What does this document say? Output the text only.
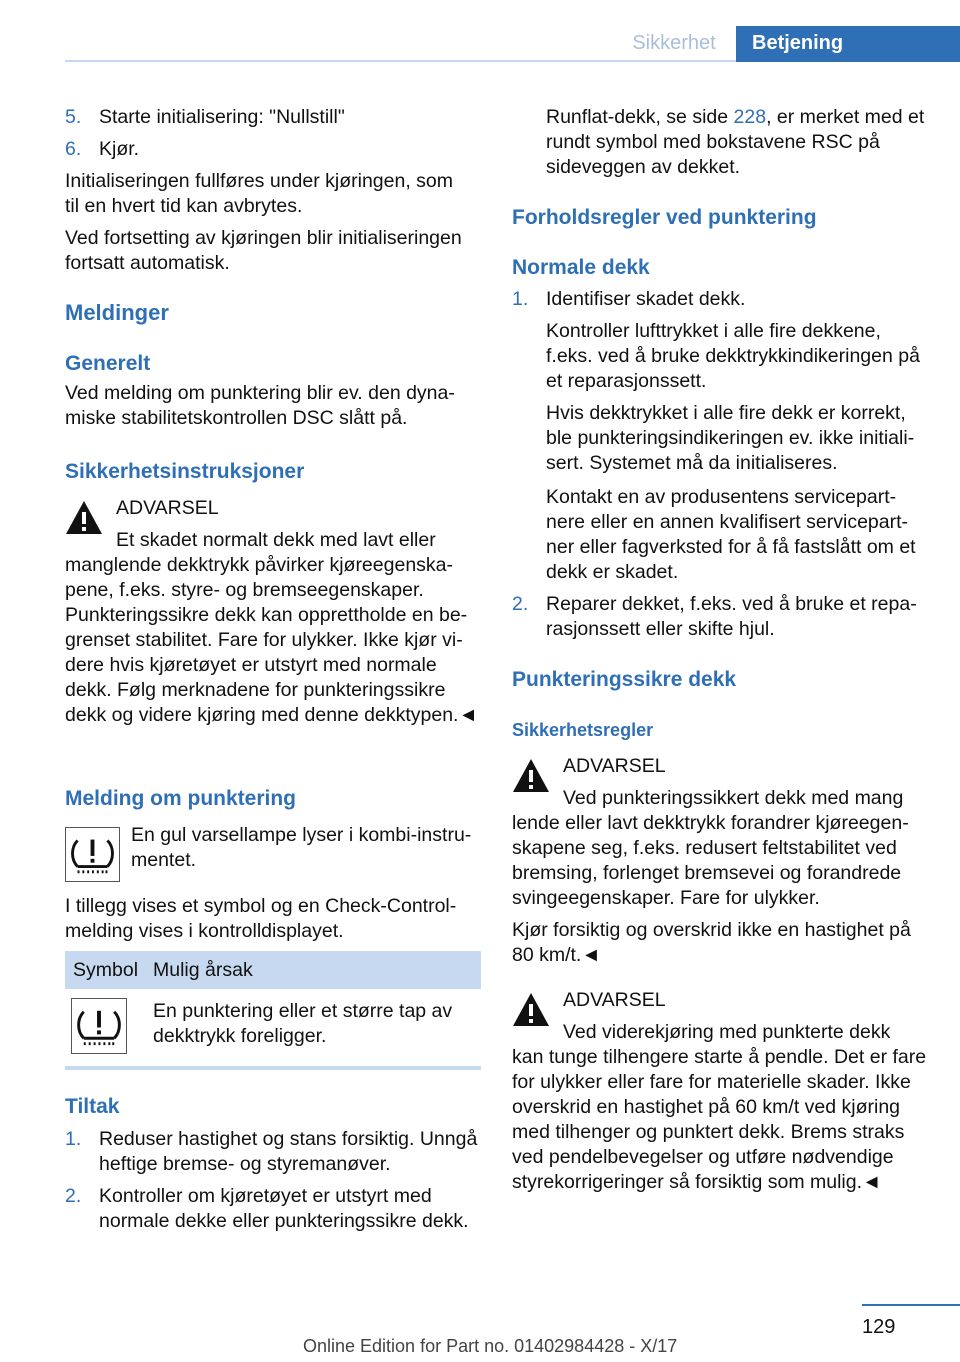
Sikkerhet	Betjening
5. Starte initialisering: "Nullstill"
6. Kjør.

Initialiseringen fullføres under kjøringen, som til en hvert tid kan avbrytes.

Ved fortsetting av kjøringen blir initialiseringen fortsatt automatisk.

Meldinger
Generelt

Ved melding om punktering blir ev. den dynamiske stabilitetskontrollen DSC slått på.

Sikkerhetsinstruksjoner
ADVARSEL
Et skadet normalt dekk med lavt eller

manglende dekktrykk påvirker kjøreegenskapene, f.eks. styre- og bremseegenskaper. Punkteringssikre dekk kan opprettholde en begrenset stabilitet. Fare for ulykker. Ikke kjør videre hvis kjøretøyet er utstyrt med normale dekk. Følg merknadene for punkteringssikre dekk og videre kjøring med denne dekktypen.◄

Melding om punktering

En gul varsellampe lyser i kombi-instrumentet.

I tillegg vises et symbol og en Check-Control-melding vises i kontrolldisplayet.

Symbol	Mulig årsak

En punktering eller et større tap av dekktrykk foreligger.

Tiltak
1. Reduser hastighet og stans forsiktig. Unngå heftige bremse- og styremanøver.
2. Kontroller om kjøretøyet er utstyrt med normale dekke eller punkteringssikre dekk.

Runflat-dekk, se side 228, er merket med et rundt symbol med bokstavene RSC på sideveggen av dekket.

Forholdsregler ved punktering
Normale dekk
1. Identifiser skadet dekk.

Kontroller lufttrykket i alle fire dekkene, f.eks. ved å bruke dekktrykkindikeringen på et reparasjonssett.

Hvis dekktrykket i alle fire dekk er korrekt, ble punkteringsindikeringen ev. ikke initialisert. Systemet må da initialiseres.

Kontakt en av produsentens servicepartnere eller en annen kvalifisert servicepartner eller fagverksted for å få fastslått om et dekk er skadet.

2. Reparer dekket, f.eks. ved å bruke et reparasjonssett eller skifte hjul.
Punkteringssikre dekk
Sikkerhetsregler
ADVARSEL
Ved punkteringssikkert dekk med mang

lende eller lavt dekktrykk forandrer kjøreegenskapene seg, f.eks. redusert feltstabilitet ved bremsing, forlenget bremsevei og forandrede svingeegenskaper. Fare for ulykker.

Kjør forsiktig og overskrid ikke en hastighet på 80 km/t.◄

ADVARSEL
Ved viderekjøring med punkterte dekk

kan tunge tilhengere starte å pendle. Det er fare for ulykker eller fare for materielle skader. Ikke overskrid en hastighet på 60 km/t ved kjøring med tilhenger og punktert dekk. Brems straks ved pendelbevegelser og utføre nødvendige styrekorrigeringer så forsiktig som mulig.◄

129
Online Edition for Part no. 01402984428 - X/17
